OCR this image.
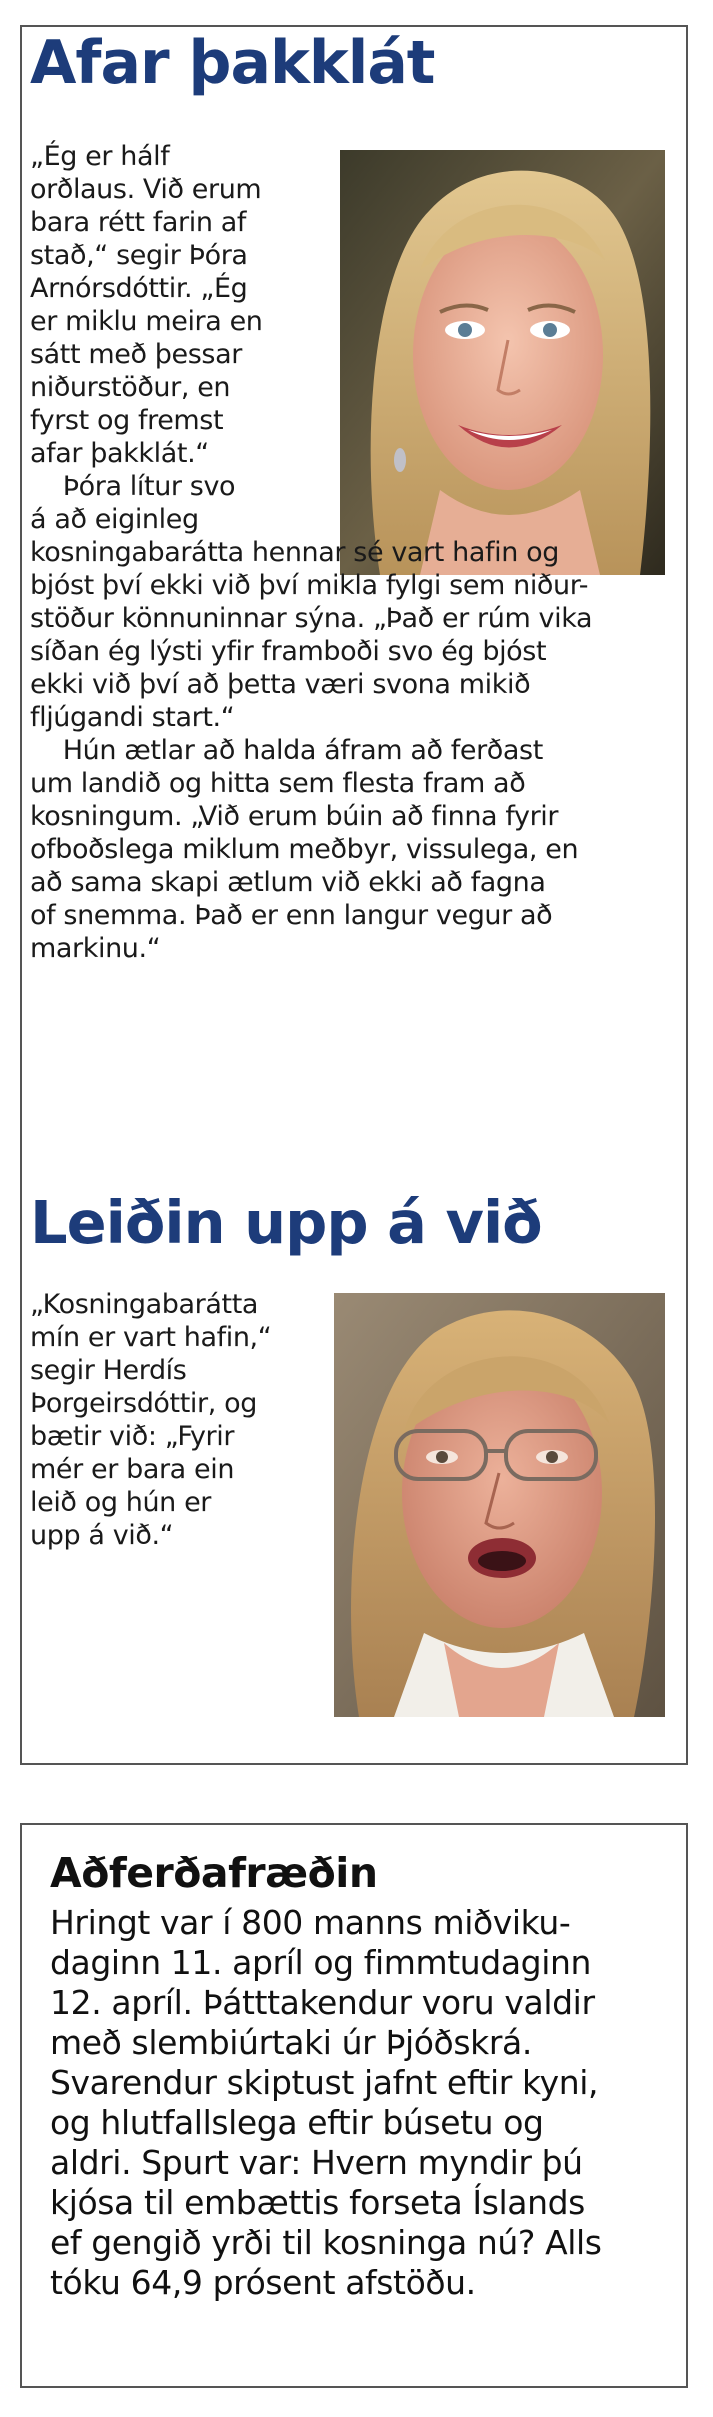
Afar þakklát
„Ég er hálf
orðlaus. Við erum
bara rétt farin af
stað,“ segir Þóra
Arnórsdóttir. „Ég
er miklu meira en
sátt með þessar
niðurstöður, en
fyrst og fremst
afar þakklát.“
Þóra lítur svo
á að eiginleg
kosningabarátta hennar sé vart hafin og
bjóst því ekki við því mikla fylgi sem niður-
stöður könnuninnar sýna. „Það er rúm vika
síðan ég lýsti yfir framboði svo ég bjóst
ekki við því að þetta væri svona mikið
fljúgandi start.“
Hún ætlar að halda áfram að ferðast
um landið og hitta sem flesta fram að
kosningum. „Við erum búin að finna fyrir
ofboðslega miklum meðbyr, vissulega, en
að sama skapi ætlum við ekki að fagna
of snemma. Það er enn langur vegur að
markinu.“
Leiðin upp á við
„Kosningabarátta
mín er vart hafin,“
segir Herdís
Þorgeirsdóttir, og
bætir við: „Fyrir
mér er bara ein
leið og hún er
upp á við.“
Aðferðafræðin
Hringt var í 800 manns miðviku-
daginn 11. apríl og fimmtudaginn
12. apríl. Þátttakendur voru valdir
með slembiúrtaki úr Þjóðskrá.
Svarendur skiptust jafnt eftir kyni,
og hlutfallslega eftir búsetu og
aldri. Spurt var: Hvern myndir þú
kjósa til embættis forseta Íslands
ef gengið yrði til kosninga nú? Alls
tóku 64,9 prósent afstöðu.
